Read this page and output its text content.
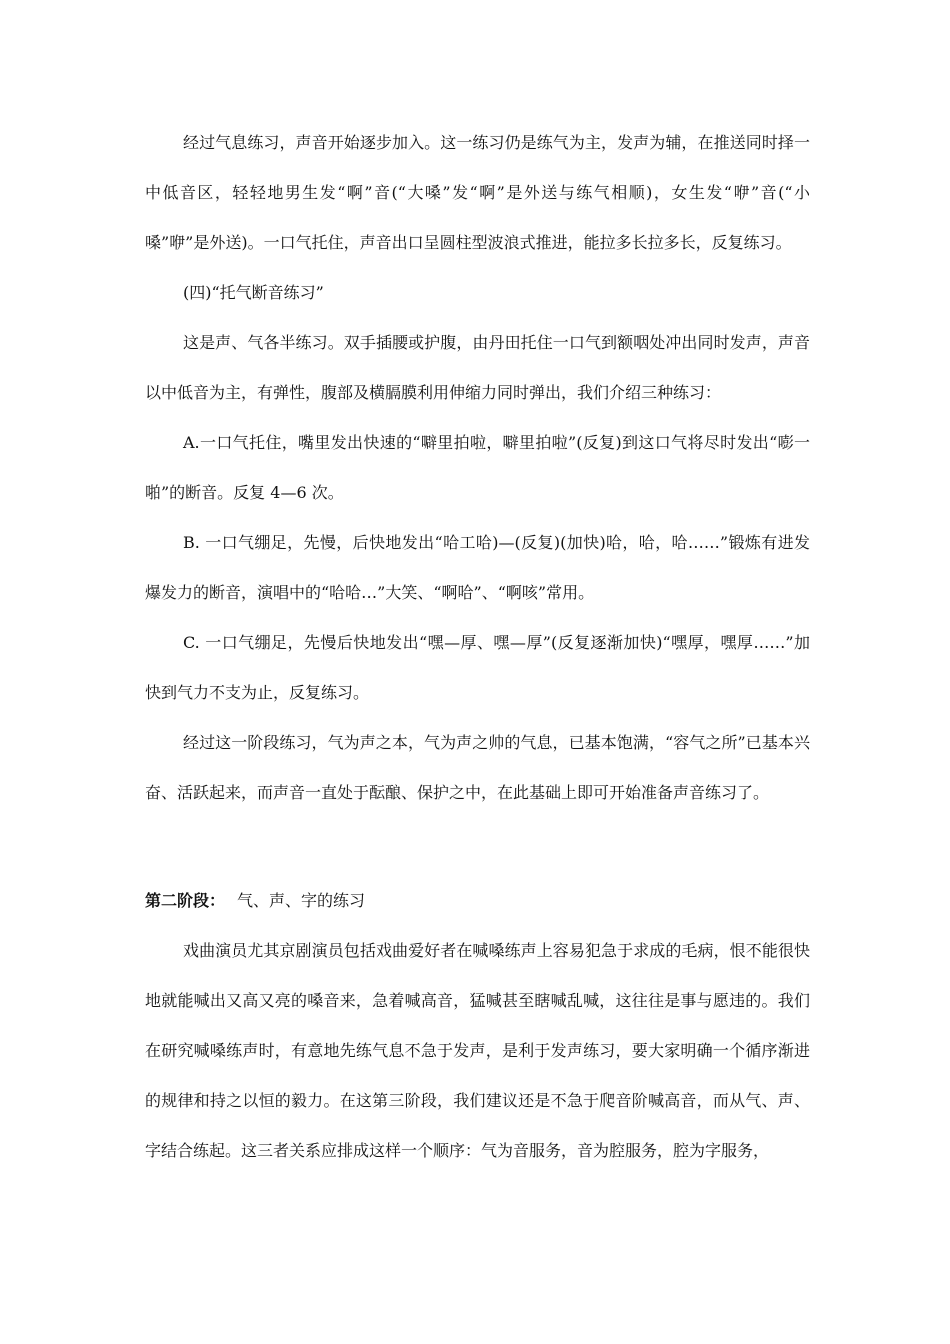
经过气息练习，声音开始逐步加入。这一练习仍是练气为主，发声为辅，在推送同时择一中低音区，轻轻地男生发“啊”音(“大嗓”发“啊”是外送与练气相顺)，女生发“咿”音(“小嗓”咿”是外送)。一口气托住，声音出口呈圆柱型波浪式推进，能拉多长拉多长，反复练习。

(四)“托气断音练习”

这是声、气各半练习。双手插腰或护腹，由丹田托住一口气到额咽处冲出同时发声，声音以中低音为主，有弹性，腹部及横膈膜利用伸缩力同时弹出，我们介绍三种练习：

A.一口气托住，嘴里发出快速的“噼里拍啦，噼里拍啦”(反复)到这口气将尽时发出“嘭一啪”的断音。反复 4—6 次。

B. 一口气绷足，先慢，后快地发出“哈工哈)—(反复)(加快)哈，哈，哈……”锻炼有进发爆发力的断音，演唱中的“哈哈…”大笑、“啊哈”、“啊咳”常用。

C. 一口气绷足，先慢后快地发出“嘿—厚、嘿—厚”(反复逐渐加快)“嘿厚，嘿厚……”加快到气力不支为止，反复练习。

经过这一阶段练习，气为声之本，气为声之帅的气息，已基本饱满，“容气之所”已基本兴奋、活跃起来，而声音一直处于酝酿、保护之中，在此基础上即可开始准备声音练习了。

第二阶段： 气、声、字的练习

戏曲演员尤其京剧演员包括戏曲爱好者在喊嗓练声上容易犯急于求成的毛病，恨不能很快地就能喊出又高又亮的嗓音来，急着喊高音，猛喊甚至瞎喊乱喊，这往往是事与愿违的。我们在研究喊嗓练声时，有意地先练气息不急于发声，是利于发声练习，要大家明确一个循序渐进的规律和持之以恒的毅力。在这第三阶段，我们建议还是不急于爬音阶喊高音，而从气、声、字结合练起。这三者关系应排成这样一个顺序：气为音服务，音为腔服务，腔为字服务，
